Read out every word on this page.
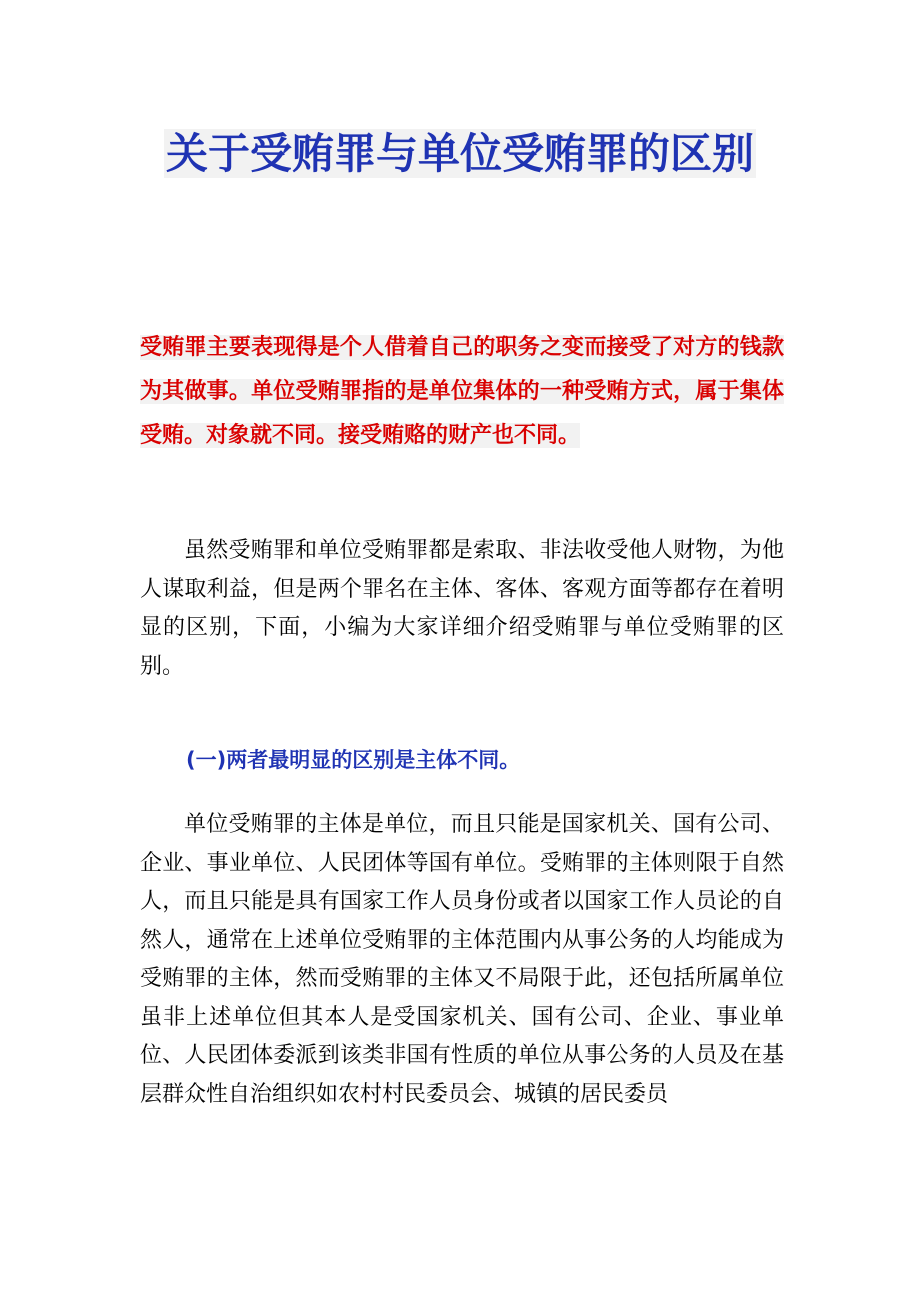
关于受贿罪与单位受贿罪的区别

受贿罪主要表现得是个人借着自己的职务之变而接受了对方的钱款为其做事。单位受贿罪指的是单位集体的一种受贿方式，属于集体受贿。对象就不同。接受贿赂的财产也不同。

虽然受贿罪和单位受贿罪都是索取、非法收受他人财物，为他人谋取利益，但是两个罪名在主体、客体、客观方面等都存在着明显的区别，下面，小编为大家详细介绍受贿罪与单位受贿罪的区别。

(一)两者最明显的区别是主体不同。

单位受贿罪的主体是单位，而且只能是国家机关、国有公司、企业、事业单位、人民团体等国有单位。受贿罪的主体则限于自然人，而且只能是具有国家工作人员身份或者以国家工作人员论的自然人，通常在上述单位受贿罪的主体范围内从事公务的人均能成为受贿罪的主体，然而受贿罪的主体又不局限于此，还包括所属单位虽非上述单位但其本人是受国家机关、国有公司、企业、事业单位、人民团体委派到该类非国有性质的单位从事公务的人员及在基层群众性自治组织如农村村民委员会、城镇的居民委员
